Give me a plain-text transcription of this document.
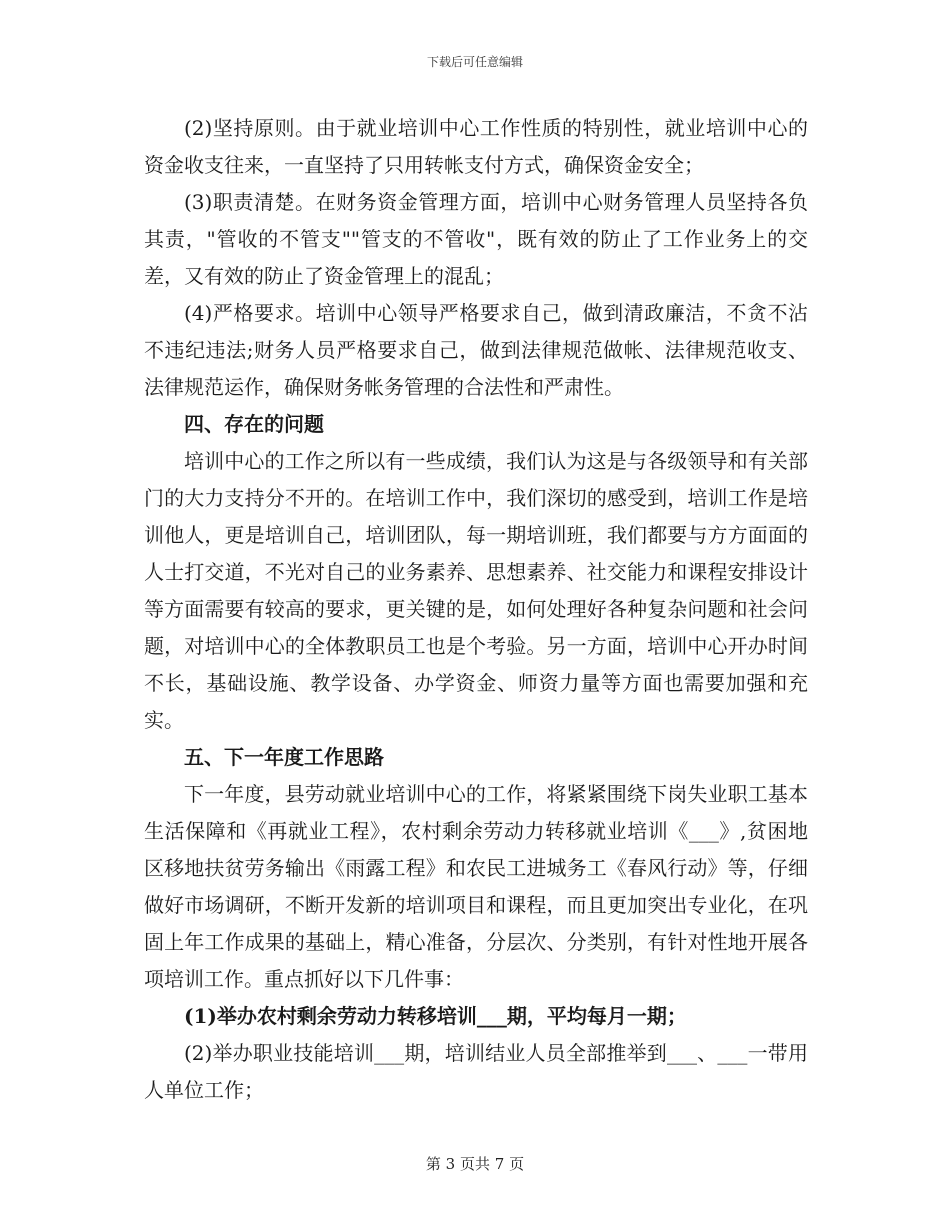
下载后可任意编辑

(2)坚持原则。由于就业培训中心工作性质的特别性，就业培训中心的资金收支往来，一直坚持了只用转帐支付方式，确保资金安全；

(3)职责清楚。在财务资金管理方面，培训中心财务管理人员坚持各负其责，"管收的不管支""管支的不管收"，既有效的防止了工作业务上的交差，又有效的防止了资金管理上的混乱；

(4)严格要求。培训中心领导严格要求自己，做到清政廉洁，不贪不沾不违纪违法;财务人员严格要求自己，做到法律规范做帐、法律规范收支、法律规范运作，确保财务帐务管理的合法性和严肃性。

四、存在的问题

培训中心的工作之所以有一些成绩，我们认为这是与各级领导和有关部门的大力支持分不开的。在培训工作中，我们深切的感受到，培训工作是培训他人，更是培训自己，培训团队，每一期培训班，我们都要与方方面面的人士打交道，不光对自己的业务素养、思想素养、社交能力和课程安排设计等方面需要有较高的要求，更关键的是，如何处理好各种复杂问题和社会问题，对培训中心的全体教职员工也是个考验。另一方面，培训中心开办时间不长，基础设施、教学设备、办学资金、师资力量等方面也需要加强和充实。

五、下一年度工作思路

下一年度，县劳动就业培训中心的工作，将紧紧围绕下岗失业职工基本生活保障和《再就业工程》，农村剩余劳动力转移就业培训《___》,贫困地区移地扶贫劳务输出《雨露工程》和农民工进城务工《春风行动》等，仔细做好市场调研，不断开发新的培训项目和课程，而且更加突出专业化，在巩固上年工作成果的基础上，精心准备，分层次、分类别，有针对性地开展各项培训工作。重点抓好以下几件事：

(1)举办农村剩余劳动力转移培训___期，平均每月一期；

(2)举办职业技能培训___期，培训结业人员全部推举到___、___一带用人单位工作；

第 3 页共 7 页
